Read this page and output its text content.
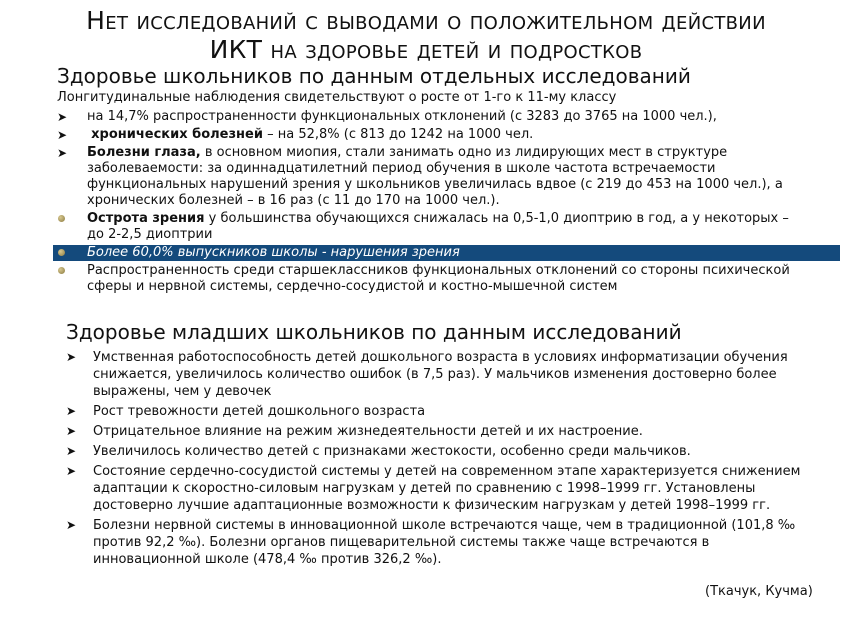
Нет исследований с выводами о положительном действии
ИКТ на здоровье детей и подростков
Здоровье школьников по данным отдельных исследований
Лонгитудинальные наблюдения свидетельствуют о росте от 1-го к 11-му классу
➤ на 14,7% распространенности функциональных отклонений (с 3283 до 3765 на 1000 чел.),
➤ хронических болезней – на 52,8% (с 813 до 1242 на 1000 чел.
➤ Болезни глаза, в основном миопия, стали занимать одно из лидирующих мест в структуре заболеваемости: за одиннадцатилетний период обучения в школе частота встречаемости функциональных нарушений зрения у школьников увеличилась вдвое (с 219 до 453 на 1000 чел.), а хронических болезней – в 16 раз (с 11 до 170 на 1000 чел.).
Острота зрения у большинства обучающихся снижалась на 0,5-1,0 диоптрию в год, а у некоторых – до 2-2,5 диоптрии
Более 60,0% выпускников школы - нарушения зрения
Распространенность среди старшеклассников функциональных отклонений со стороны психической сферы и нервной системы, сердечно-сосудистой и костно-мышечной систем
Здоровье младших школьников по данным исследований
➤ Умственная работоспособность детей дошкольного возраста в условиях информатизации обучения снижается, увеличилось количество ошибок (в 7,5 раз). У мальчиков изменения достоверно более выражены, чем у девочек
➤ Рост тревожности детей дошкольного возраста
➤ Отрицательное влияние на режим жизнедеятельности детей и их настроение.
➤ Увеличилось количество детей с признаками жестокости, особенно среди мальчиков.
➤ Состояние сердечно-сосудистой системы у детей на современном этапе характеризуется снижением адаптации к скоростно-силовым нагрузкам у детей по сравнению с 1998–1999 гг. Установлены достоверно лучшие адаптационные возможности к физическим нагрузкам у детей 1998–1999 гг.
➤ Болезни нервной системы в инновационной школе встречаются чаще, чем в традиционной (101,8 ‰ против 92,2 ‰). Болезни органов пищеварительной системы также чаще встречаются в инновационной школе (478,4 ‰ против 326,2 ‰).
(Ткачук, Кучма)
